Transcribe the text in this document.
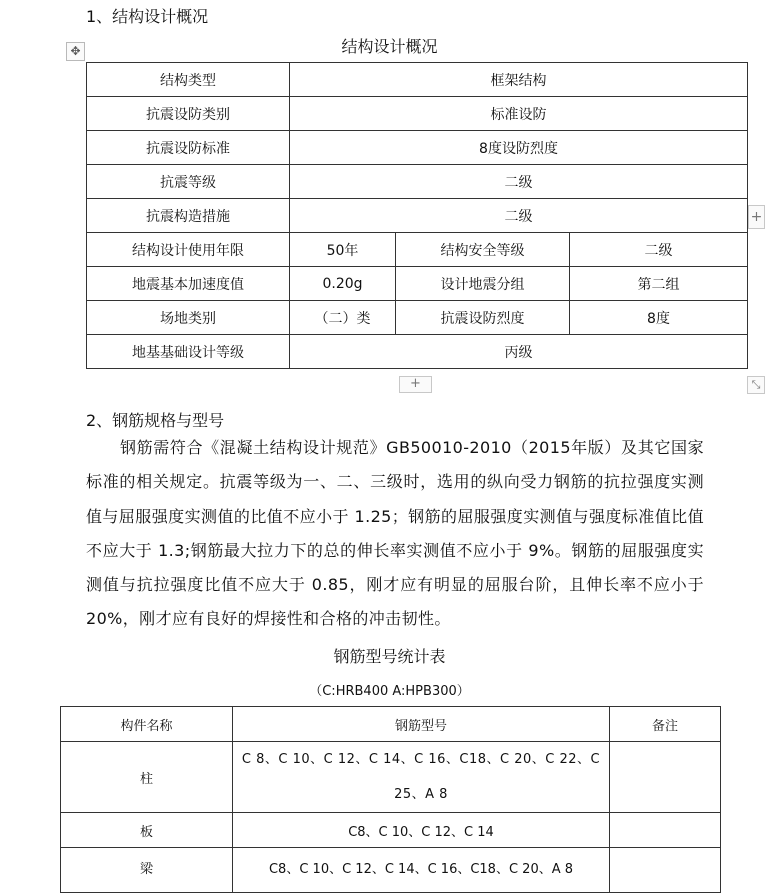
1、结构设计概况
结构设计概况
✥
结构类型	框架结构		
抗震设防类别	标准设防		
抗震设防标准	8度设防烈度		
抗震等级	二级		
抗震构造措施	二级		
结构设计使用年限	50年	结构安全等级	二级
地震基本加速度值	0.20g	设计地震分组	第二组
场地类别	（二）类	抗震设防烈度	8度
地基基础设计等级	丙级		
+
+	⤡
2、钢筋规格与型号
钢筋需符合《混凝土结构设计规范》GB50010-2010（2015年版）及其它国家标准的相关规定。抗震等级为一、二、三级时，选用的纵向受力钢筋的抗拉强度实测值与屈服强度实测值的比值不应小于 1.25；钢筋的屈服强度实测值与强度标准值比值不应大于 1.3;钢筋最大拉力下的总的伸长率实测值不应小于 9%。钢筋的屈服强度实测值与抗拉强度比值不应大于 0.85，刚才应有明显的屈服台阶，且伸长率不应小于 20%，刚才应有良好的焊接性和合格的冲击韧性。
钢筋型号统计表
（C:HRB400 A:HPB300）
构件名称	钢筋型号	备注
柱	C 8、C 10、C 12、C 14、C 16、C18、C 20、C 22、C 25、A 8	
板	C8、C 10、C 12、C 14	
梁	C8、C 10、C 12、C 14、C 16、C18、C 20、A 8	
